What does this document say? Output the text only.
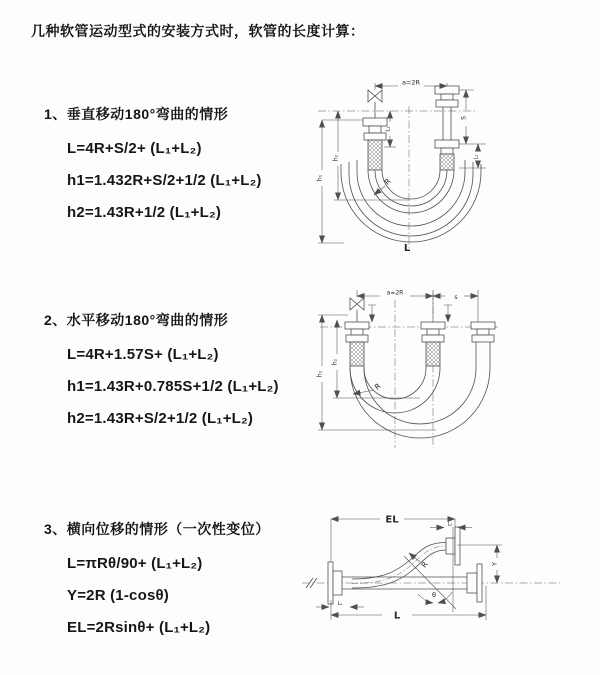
几种软管运动型式的安装方式时，软管的长度计算：
1、垂直移动180°弯曲的情形
L=4R+S/2+ (L₁+L₂)
h1=1.432R+S/2+1/2 (L₁+L₂)
h2=1.43R+1/2 (L₁+L₂)
2、水平移动180°弯曲的情形
L=4R+1.57S+ (L₁+L₂)
h1=1.43R+0.785S+1/2 (L₁+L₂)
h2=1.43R+S/2+1/2 (L₁+L₂)
3、横向位移的情形（一次性变位）
L=πRθ/90+ (L₁+L₂)
Y=2R (1-cosθ)
EL=2Rsinθ+ (L₁+L₂)
a=2R
h₁
h₂
L₁
S
L₂
R
L
a=2R
s
h₁
h₂
R
θ
R
EL	L₂
Y
L₁
L
